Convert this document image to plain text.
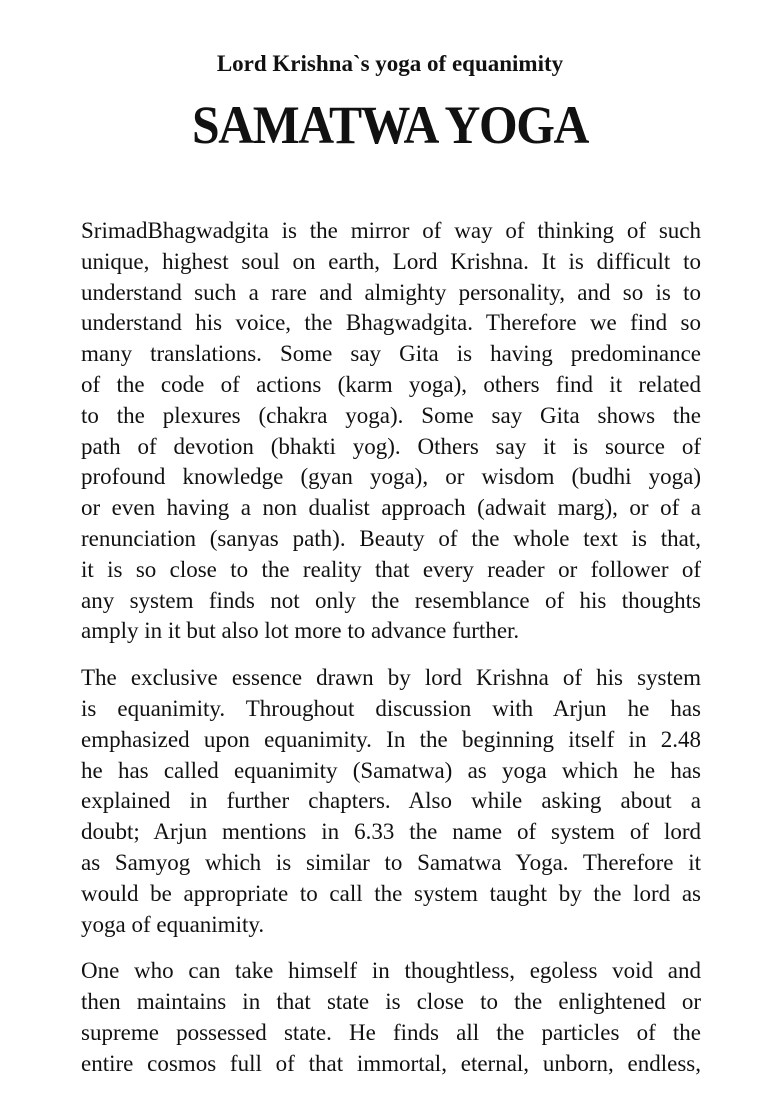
Lord Krishna`s yoga of equanimity
SAMATWA YOGA

SrimadBhagwadgita is the mirror of way of thinking of such
unique, highest soul on earth, Lord Krishna. It is difficult to
understand such a rare and almighty personality, and so is to
understand his voice, the Bhagwadgita. Therefore we find so
many translations. Some say Gita is having predominance
of the code of actions (karm yoga), others find it related
to the plexures (chakra yoga). Some say Gita shows the
path of devotion (bhakti yog). Others say it is source of
profound knowledge (gyan yoga), or wisdom (budhi yoga)
or even having a non dualist approach (adwait marg), or of a
renunciation (sanyas path). Beauty of the whole text is that,
it is so close to the reality that every reader or follower of
any system finds not only the resemblance of his thoughts
amply in it but also lot more to advance further.

The exclusive essence drawn by lord Krishna of his system
is equanimity. Throughout discussion with Arjun he has
emphasized upon equanimity. In the beginning itself in 2.48
he has called equanimity (Samatwa) as yoga which he has
explained in further chapters. Also while asking about a
doubt; Arjun mentions in 6.33 the name of system of lord
as Samyog which is similar to Samatwa Yoga. Therefore it
would be appropriate to call the system taught by the lord as
yoga of equanimity.

One who can take himself in thoughtless, egoless void and
then maintains in that state is close to the enlightened or
supreme possessed state. He finds all the particles of the
entire cosmos full of that immortal, eternal, unborn, endless,
